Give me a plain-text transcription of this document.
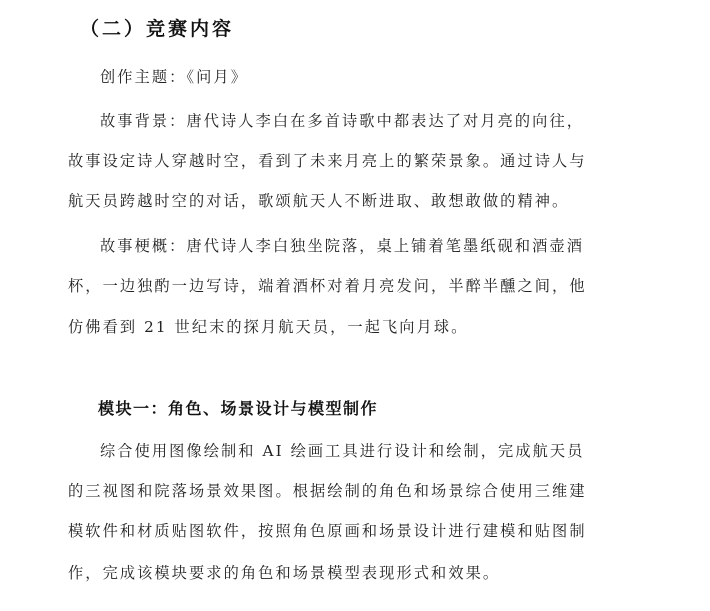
（二）竞赛内容
创作主题：《问月》
故事背景：唐代诗人李白在多首诗歌中都表达了对月亮的向往，
故事设定诗人穿越时空，看到了未来月亮上的繁荣景象。通过诗人与
航天员跨越时空的对话，歌颂航天人不断进取、敢想敢做的精神。
故事梗概：唐代诗人李白独坐院落，桌上铺着笔墨纸砚和酒壶酒
杯，一边独酌一边写诗，端着酒杯对着月亮发问，半醉半醺之间，他
仿佛看到 21 世纪末的探月航天员，一起飞向月球。
模块一：角色、场景设计与模型制作
综合使用图像绘制和 AI 绘画工具进行设计和绘制，完成航天员
的三视图和院落场景效果图。根据绘制的角色和场景综合使用三维建
模软件和材质贴图软件，按照角色原画和场景设计进行建模和贴图制
作，完成该模块要求的角色和场景模型表现形式和效果。
